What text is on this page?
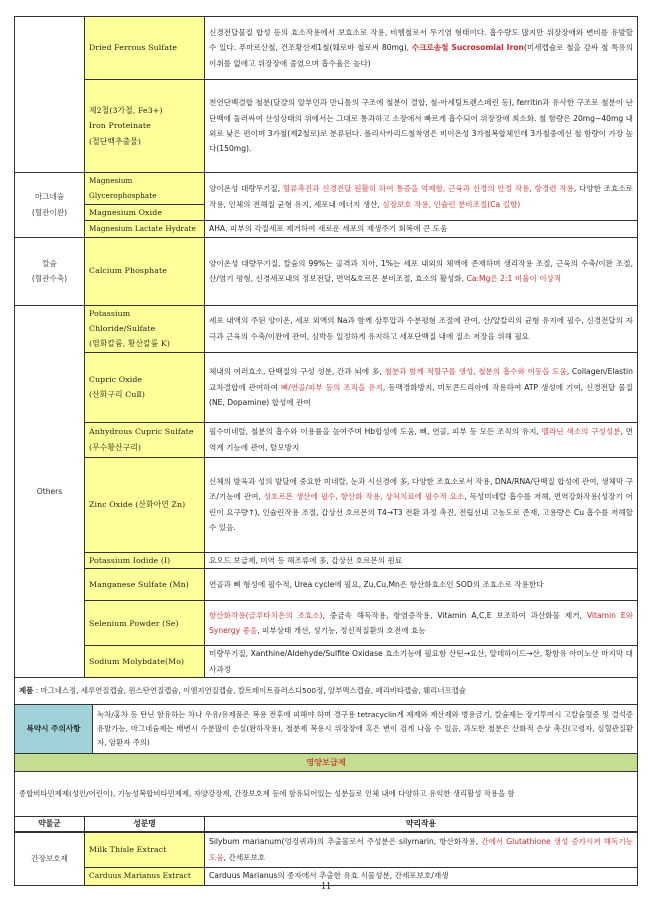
	Dried Ferrous Sulfate	신경전달물질 합성 등의 효소작용에서 보효소로 작용, 비헴철로서 무기염 형태이다. 흡수량도 많지만 위장장애와 변비를 유발할 수 있다. 푸마르산철, 건조황산제1철(훼로바 철로써 80mg), 수크로솜철 Sucrosomial Iron(미세캡슐로 철을 감싸 철 특유의 이취를 없애고 위장장애 줄였으며 흡수율은 높다)

제2철(3가철, Fe3+)
Iron Proteinate
(철단백추출물)
	천연단백결합 철분(달걀의 알부민과 만니톨의 구조에 철분이 결합, 철-아세틸트렌스페린 등), ferritin과 유사한 구조로 철분이 난 단백에 둘러싸여 산성상태의 위에서는 그대로 통과하고 소장에서 빠르게 흡수되어 위장장애 최소화. 철 함량은 20mg~40mg 내외로 낮은 편이며 3가철(제2철로)로 분류된다. 폴리사카리드철착염은 비이온성 3가철복합체인데 3가철중에선 철 함량이 가장 높다(150mg).

마그네슘
(혈관이완)	Magnesium Glycerophosphate	양이온성 대량무기질, 혈류촉진과 신경전달 원활히 하여 통증을 억제함, 근육과 신경의 안정 작용, 항경련 작용, 다양한 조효소로 작용, 인체의 전해질 균형 유지, 세포내 에너지 생산, 심장보호 작용, 인슐린 분비조절(Ca 길항)
	Magnesium Oxide	
	Magnesium Lactate Hydrate	AHA, 피부의 각질세포 제거하여 새로운 세포의 재생주기 회복에 큰 도움

칼슘
(혈관수축)	Calcium Phosphate	양이온성 대량무기질, 칼슘의 99%는 골격과 치아, 1%는 세포 내외의 체액에 존재하며 생리작용 조절, 근육의 수축/이완 조절, 산/염기 평형, 신경세포내의 정보전달, 면역&호르몬 분비조절, 효소의 활성화, Ca:Mg은 2:1 비율이 이상적
Others	Potassium
Chloride/Sulfate
(염화칼륨, 황산칼륨 K)	세포 내액의 주된 양이온, 세포 외액의 Na과 함께 삼투압과 수분평형 조절에 관여, 산/알칼리의 균형 유지에 필수, 신경전달의 자극과 근육의 수축/이완에 관여, 심박동 일정하게 유지하고 세포단백질 내에 질소 저장을 위해 필요

	Cupric Oxide
(산화구리 CuⅡ)	체내의 여러효소, 단백질의 구성 성분, 간과 뇌에 多, 철분과 함께 적혈구를 생성, 철분의 흡수와 이동을 도움, Collagen/Elastin 교차결합에 관여하여 뼈/연골/피부 등의 조직을 유지, 동맥경화방지, 미토콘드리아에 작용하여 ATP 생성에 기여, 신경전달 물질(NE, Dopamine) 합성에 관여

	Anhydrous Cupric Sulfate
(무수황산구리)	필수미네랄, 철분의 흡수와 이용률을 높여주며 Hb합성에 도움, 뼈, 연골, 피부 등 모든 조직의 유지, 멜라닌 색소의 구성성분, 면역계 기능에 관여, 탈모방지
	Zinc Oxide (산화아연 Zn)	신체의 발육과 성의 발달에 중요한 미네랄, 눈과 시신경에 多, 다양한 조효소로서 작용, DNA/RNA/단백질 합성에 관여, 생체막 구조/기능에 관여, 성호르몬 생산에 필수, 항산화 작용, 상처치료에 필수적 요소, 독성미네랄 흡수를 저해, 면역강화작용(성장기 어린이 요구량↑), 인슐린작용 조절, 갑상선 호르몬의 T4→T3 전환 과정 촉진, 전립선내 고농도로 존재, 고용량은 Cu 흡수를 저해할 수 있음.
	Potassium Iodide (I)	요오드 보급제, 미역 등 해조류에 多, 갑상선 호르몬의 원료
	Manganese Sulfate (Mn)	연골과 뼈 형성에 필수적, Urea cycle에 필요, Zu,Cu,Mn은 항산화효소인 SOD의 조효소로 작용한다
	Selenium Powder (Se)	항산화작용(글루타치온의 조효소), 중금속 해독작용, 항염증작용, Vitamin A,C,E 보조하여 과산화물 제거, Vitamin E와 Synergy 좋음, 피부상태 개선, 성기능, 정신적질환의 호전에 효능
	Sodium Molybdate(Mo)	미량무기질, Xanthine/Aldehyde/Sulfite Oxidase 효소기능에 필요함 산틴→요산, 알데하이드→산, 황함유 아미노산 마지막 대사과정
제품 : 마그네스정, 세루연질캡슐, 윈스탄연질캡슐, 이엠지연질캡슐, 칼트레이트플러스디500정, 알부맥스캡슐, 페리비타캡슐, 훼리너프캡슐
복약시 주의사항	녹차/홍차 등 탄닌 함유하는 차나 우유/유제품은 복용 전후에 피해야 하며 경구용 tetracyclin계 제제와 제산제와 병용금기, 칼슘제는 장기투여시 고칼슘혈증 및 결석증 유발가능, 마그네슘제는 배변시 수분많이 손실(완하작용), 철분제 복용시 위장장애 혹은 변이 검게 나올 수 있음, 과도한 철분은 산화적 손상 촉진(고령자, 심혈관질환자, 암환자 주의)
영양보급제		
종합비타민제제(성인/어린이), 기능성복합비타민제제, 자양강장제, 간장보호제 등에 함유되어있는 성분들로 인체 내에 다양하고 유익한 생리활성 작용을 함		
약물군	성분명	약리작용
간장보호제	Milk Thisle Extract	Silybum marianum(엉겅퀴과)의 추출물로서 주성분은 silymarin, 항산화작용, 간에서 Glutathione 생성 증가시켜 해독기능 도움, 간세포보호
	Carduus Marianus Extract	Carduus Marianus의 종자에서 추출한 유효 식물성분, 간세포보호/재생
11
